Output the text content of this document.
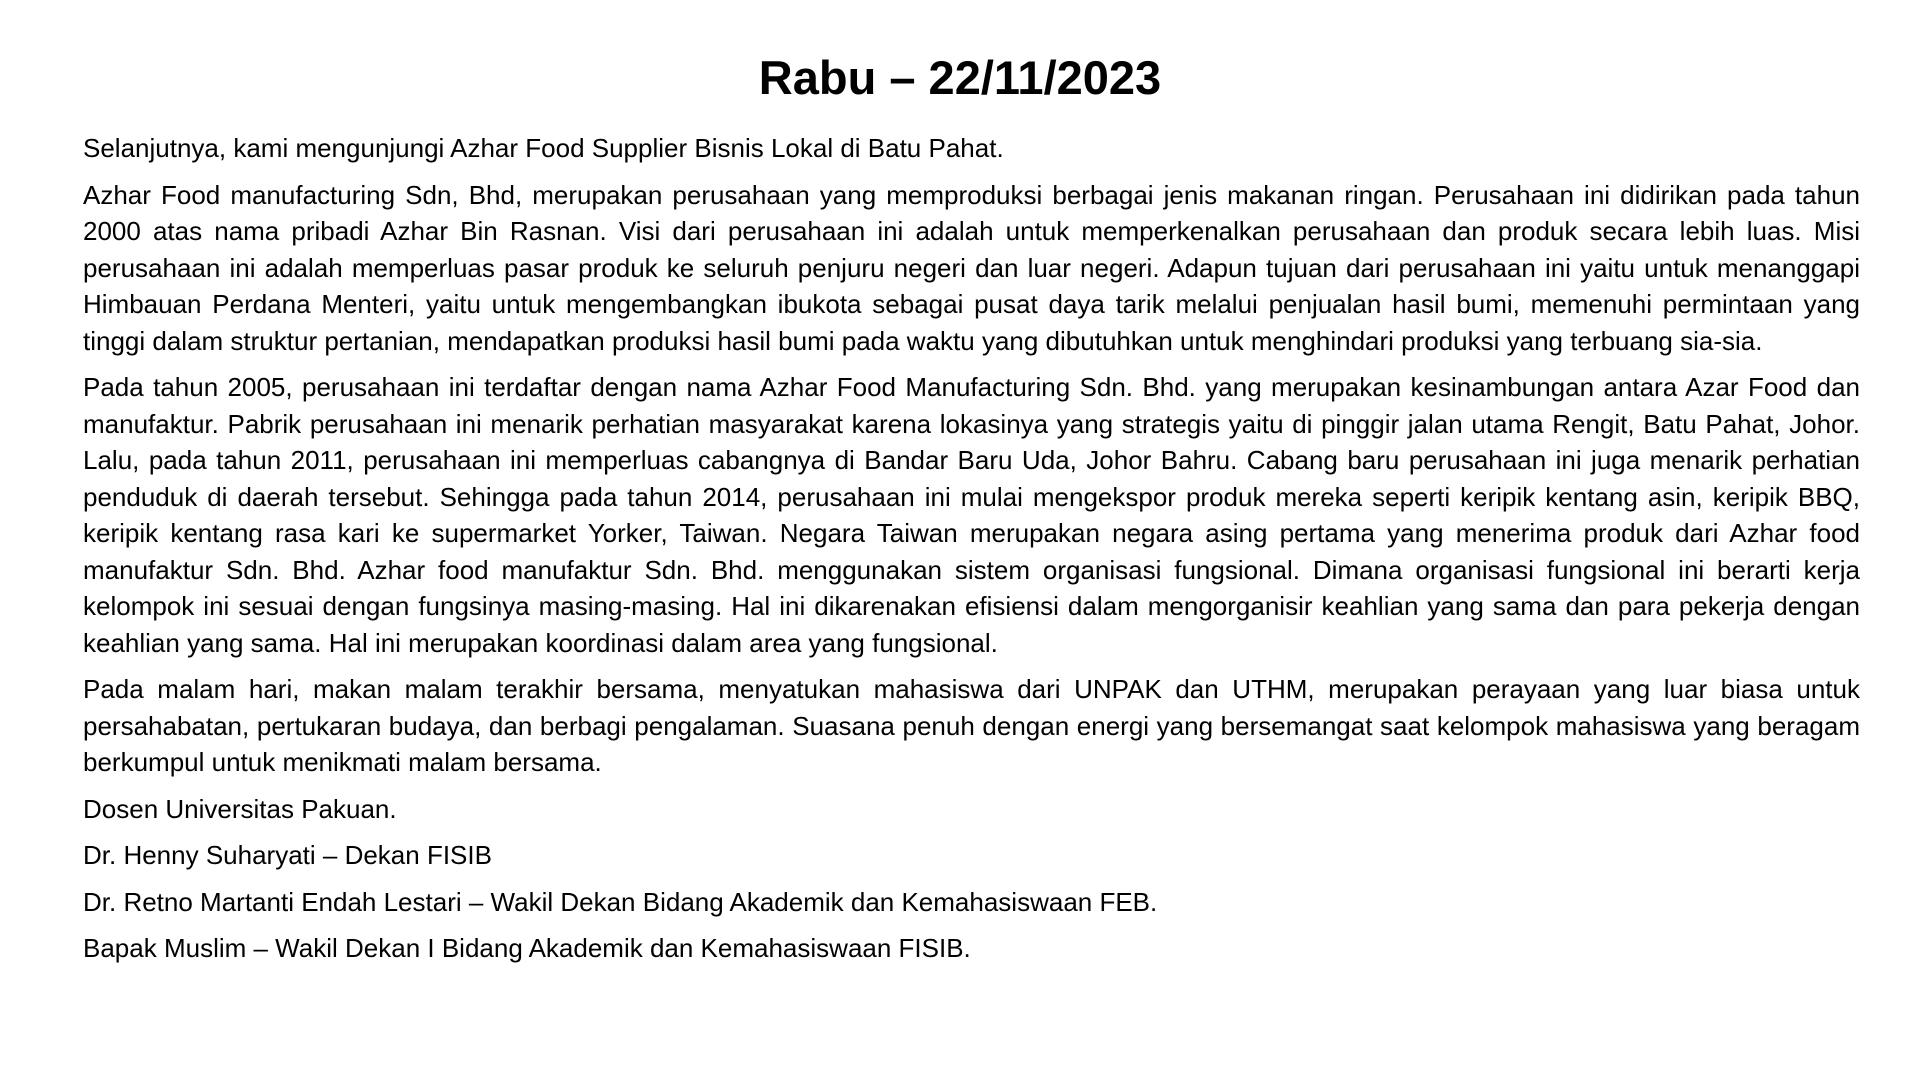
Rabu – 22/11/2023

Selanjutnya, kami mengunjungi Azhar Food Supplier Bisnis Lokal di Batu Pahat.

Azhar Food manufacturing Sdn, Bhd, merupakan perusahaan yang memproduksi berbagai jenis makanan ringan. Perusahaan ini didirikan pada tahun 2000 atas nama pribadi Azhar Bin Rasnan. Visi dari perusahaan ini adalah untuk memperkenalkan perusahaan dan produk secara lebih luas. Misi perusahaan ini adalah memperluas pasar produk ke seluruh penjuru negeri dan luar negeri. Adapun tujuan dari perusahaan ini yaitu untuk menanggapi Himbauan Perdana Menteri, yaitu untuk mengembangkan ibukota sebagai pusat daya tarik melalui penjualan hasil bumi, memenuhi permintaan yang tinggi dalam struktur pertanian, mendapatkan produksi hasil bumi pada waktu yang dibutuhkan untuk menghindari produksi yang terbuang sia-sia.

Pada tahun 2005, perusahaan ini terdaftar dengan nama Azhar Food Manufacturing Sdn. Bhd. yang merupakan kesinambungan antara Azar Food dan manufaktur. Pabrik perusahaan ini menarik perhatian masyarakat karena lokasinya yang strategis yaitu di pinggir jalan utama Rengit, Batu Pahat, Johor. Lalu, pada tahun 2011, perusahaan ini memperluas cabangnya di Bandar Baru Uda, Johor Bahru. Cabang baru perusahaan ini juga menarik perhatian penduduk di daerah tersebut. Sehingga pada tahun 2014, perusahaan ini mulai mengekspor produk mereka seperti keripik kentang asin, keripik BBQ, keripik kentang rasa kari ke supermarket Yorker, Taiwan. Negara Taiwan merupakan negara asing pertama yang menerima produk dari Azhar food manufaktur Sdn. Bhd. Azhar food manufaktur Sdn. Bhd. menggunakan sistem organisasi fungsional. Dimana organisasi fungsional ini berarti kerja kelompok ini sesuai dengan fungsinya masing-masing. Hal ini dikarenakan efisiensi dalam mengorganisir keahlian yang sama dan para pekerja dengan keahlian yang sama. Hal ini merupakan koordinasi dalam area yang fungsional.

Pada malam hari, makan malam terakhir bersama, menyatukan mahasiswa dari UNPAK dan UTHM, merupakan perayaan yang luar biasa untuk persahabatan, pertukaran budaya, dan berbagi pengalaman. Suasana penuh dengan energi yang bersemangat saat kelompok mahasiswa yang beragam berkumpul untuk menikmati malam bersama.

Dosen Universitas Pakuan.

Dr. Henny Suharyati – Dekan FISIB

Dr. Retno Martanti Endah Lestari – Wakil Dekan Bidang Akademik dan Kemahasiswaan FEB.

Bapak Muslim – Wakil Dekan I Bidang Akademik dan Kemahasiswaan FISIB.
